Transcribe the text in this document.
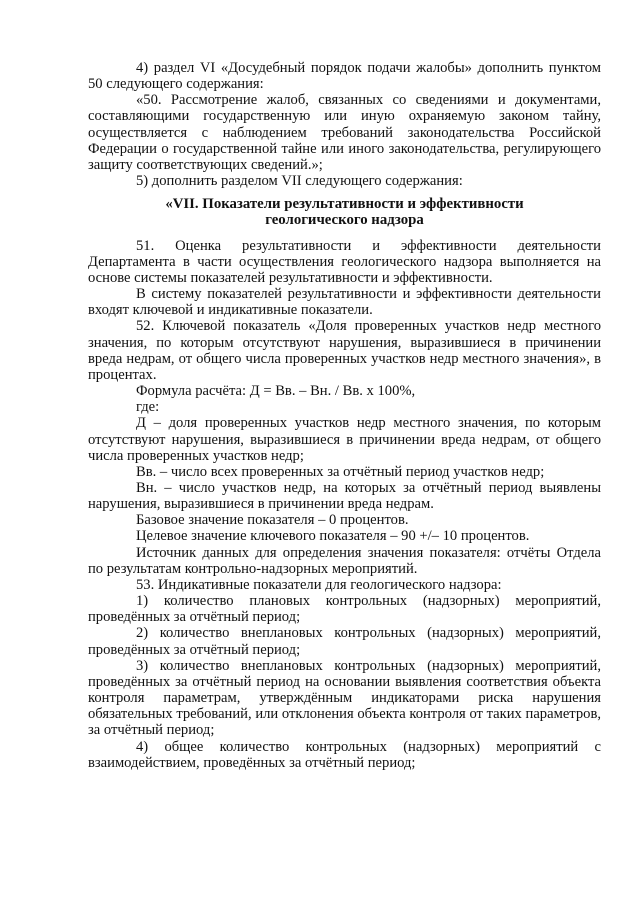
4) раздел VI «Досудебный порядок подачи жалобы» дополнить пунктом 50 следующего содержания:

«50. Рассмотрение жалоб, связанных со сведениями и документами, составляющими государственную или иную охраняемую законом тайну, осуществляется с наблюдением требований законодательства Российской Федерации о государственной тайне или иного законодательства, регулирующего защиту соответствующих сведений.»;

5) дополнить разделом VII следующего содержания:

«VII. Показатели результативности и эффективности
геологического надзора

51. Оценка результативности и эффективности деятельности Департамента в части осуществления геологического надзора выполняется на основе системы показателей результативности и эффективности.

В систему показателей результативности и эффективности деятельности входят ключевой и индикативные показатели.

52. Ключевой показатель «Доля проверенных участков недр местного значения, по которым отсутствуют нарушения, выразившиеся в причинении вреда недрам, от общего числа проверенных участков недр местного значения», в процентах.

Формула расчёта: Д = Вв. – Вн. / Вв. x 100%,

где:

Д – доля проверенных участков недр местного значения, по которым отсутствуют нарушения, выразившиеся в причинении вреда недрам, от общего числа проверенных участков недр;

Вв. – число всех проверенных за отчётный период участков недр;

Вн. – число участков недр, на которых за отчётный период выявлены нарушения, выразившиеся в причинении вреда недрам.

Базовое значение показателя – 0 процентов.

Целевое значение ключевого показателя – 90 +/– 10 процентов.

Источник данных для определения значения показателя: отчёты Отдела по результатам контрольно-надзорных мероприятий.

53. Индикативные показатели для геологического надзора:

1) количество плановых контрольных (надзорных) мероприятий, проведённых за отчётный период;

2) количество внеплановых контрольных (надзорных) мероприятий, проведённых за отчётный период;

3) количество внеплановых контрольных (надзорных) мероприятий, проведённых за отчётный период на основании выявления соответствия объекта контроля параметрам, утверждённым индикаторами риска нарушения обязательных требований, или отклонения объекта контроля от таких параметров, за отчётный период;

4) общее количество контрольных (надзорных) мероприятий с взаимодействием, проведённых за отчётный период;
